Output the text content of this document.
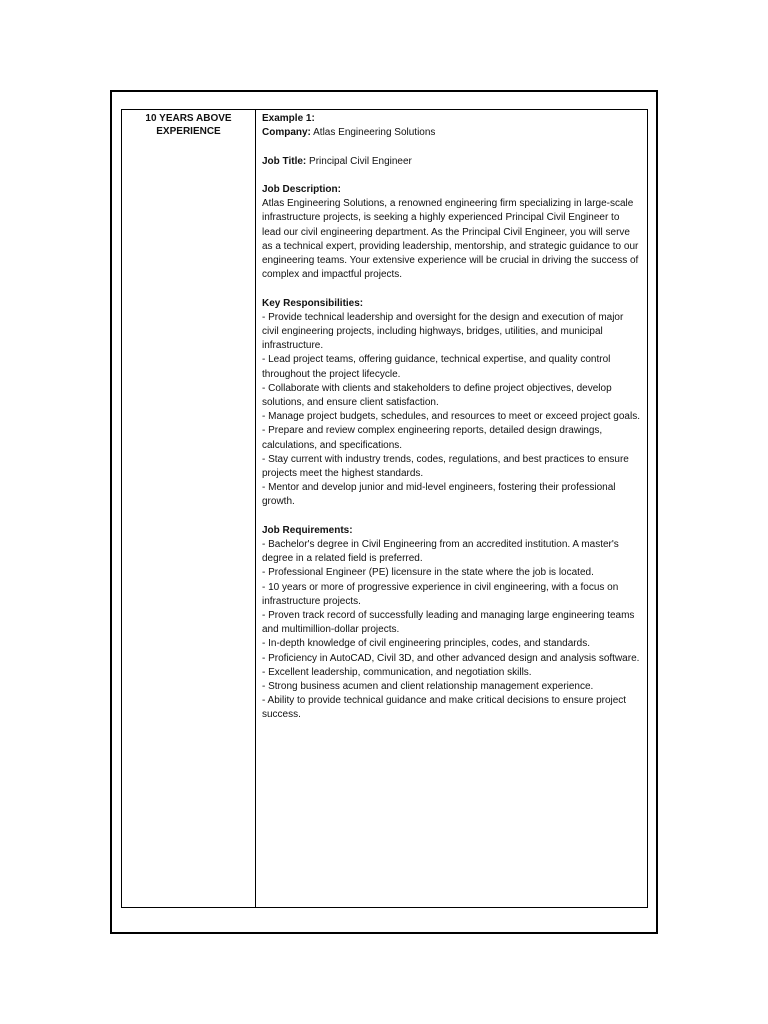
10 YEARS ABOVE
EXPERIENCE

Example 1:

Company: Atlas Engineering Solutions

Job Title: Principal Civil Engineer

Job Description:

Atlas Engineering Solutions, a renowned engineering firm specializing in large-scale infrastructure projects, is seeking a highly experienced Principal Civil Engineer to lead our civil engineering department. As the Principal Civil Engineer, you will serve as a technical expert, providing leadership, mentorship, and strategic guidance to our engineering teams. Your extensive experience will be crucial in driving the success of complex and impactful projects.

Key Responsibilities:

- Provide technical leadership and oversight for the design and execution of major civil engineering projects, including highways, bridges, utilities, and municipal infrastructure.
- Lead project teams, offering guidance, technical expertise, and quality control throughout the project lifecycle.
- Collaborate with clients and stakeholders to define project objectives, develop solutions, and ensure client satisfaction.
- Manage project budgets, schedules, and resources to meet or exceed project goals.
- Prepare and review complex engineering reports, detailed design drawings, calculations, and specifications.
- Stay current with industry trends, codes, regulations, and best practices to ensure projects meet the highest standards.
- Mentor and develop junior and mid-level engineers, fostering their professional growth.

Job Requirements:

- Bachelor's degree in Civil Engineering from an accredited institution. A master's degree in a related field is preferred.
- Professional Engineer (PE) licensure in the state where the job is located.
- 10 years or more of progressive experience in civil engineering, with a focus on infrastructure projects.
- Proven track record of successfully leading and managing large engineering teams and multimillion-dollar projects.
- In-depth knowledge of civil engineering principles, codes, and standards.
- Proficiency in AutoCAD, Civil 3D, and other advanced design and analysis software.
- Excellent leadership, communication, and negotiation skills.
- Strong business acumen and client relationship management experience.
- Ability to provide technical guidance and make critical decisions to ensure project success.
